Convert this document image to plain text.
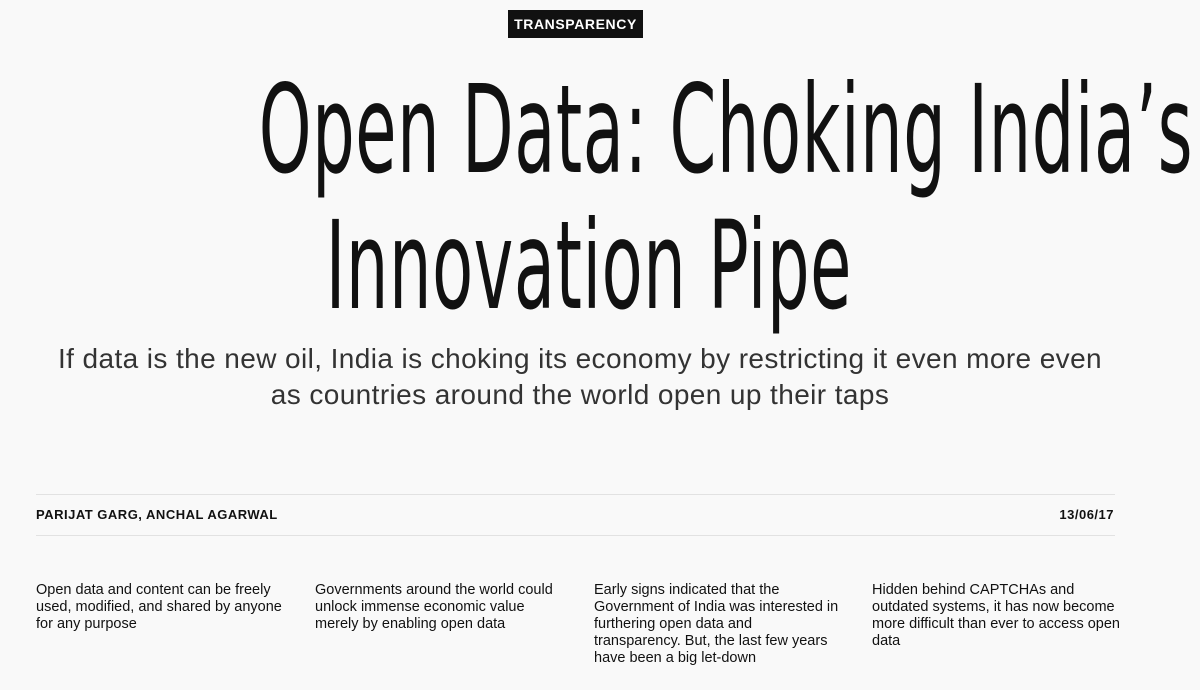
TRANSPARENCY
Open Data: Choking India’s
Innovation Pipe

If data is the new oil, India is choking its economy by restricting it even more even as countries around the world open up their taps

PARIJAT GARG, ANCHAL AGARWAL	13/06/17
Open data and content can be freely used, modified, and shared by anyone for any purpose
Governments around the world could unlock immense economic value merely by enabling open data
Early signs indicated that the Government of India was interested in furthering open data and transparency. But, the last few years have been a big let-down
Hidden behind CAPTCHAs and outdated systems, it has now become more difficult than ever to access open data
